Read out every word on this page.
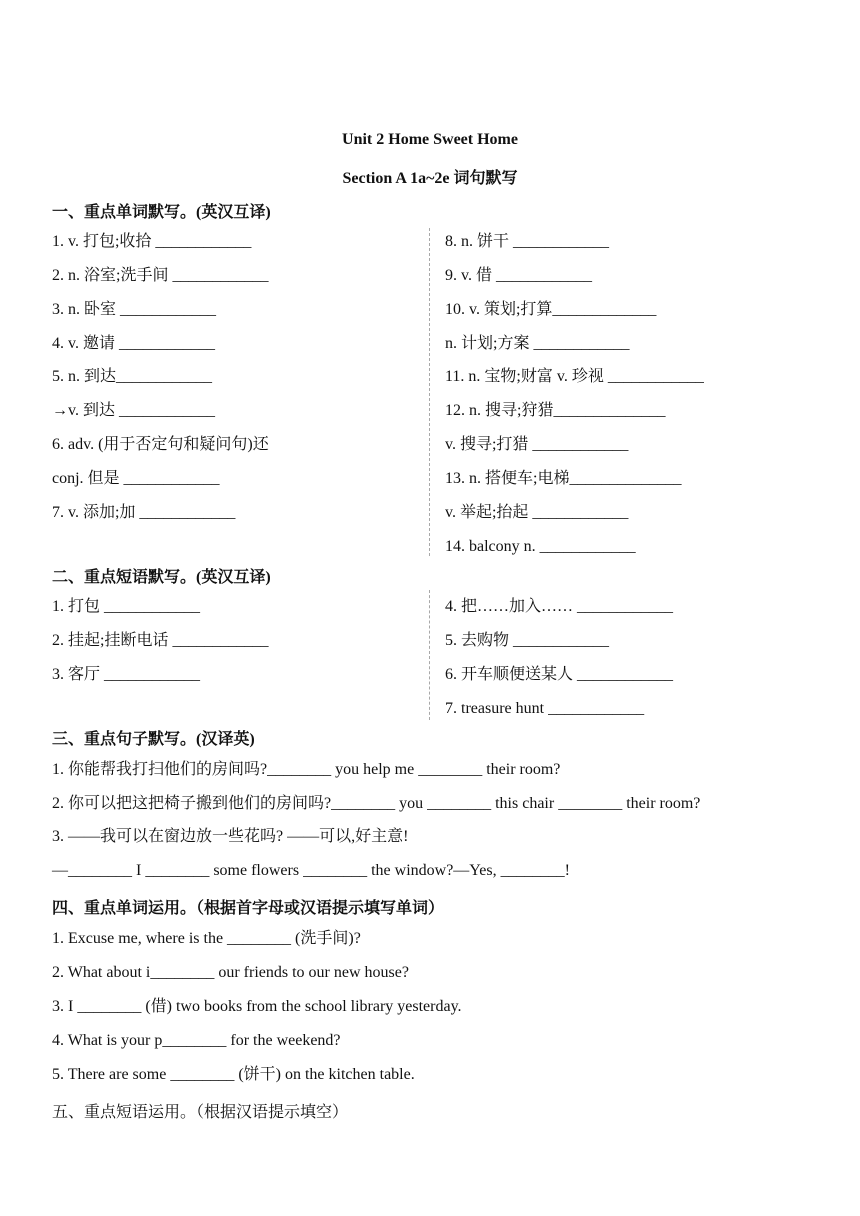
Unit 2 Home Sweet Home
Section A 1a~2e 词句默写
一、重点单词默写。(英汉互译)
1. v. 打包;收拾 ____________
2. n. 浴室;洗手间 ____________
3. n. 卧室 ____________
4. v. 邀请 ____________
5. n. 到达____________
→v. 到达 ____________
6. adv. (用于否定句和疑问句)还
conj. 但是 ____________
7. v. 添加;加 ____________
8. n. 饼干 ____________
9. v. 借 ____________
10. v. 策划;打算_____________
n. 计划;方案 ____________
11. n. 宝物;财富 v. 珍视 ____________
12. n. 搜寻;狩猎______________
v. 搜寻;打猎 ____________
13. n. 搭便车;电梯______________
v. 举起;抬起 ____________
14. balcony n. ____________
二、重点短语默写。(英汉互译)
1. 打包 ____________
2. 挂起;挂断电话 ____________
3. 客厅 ____________
4. 把……加入…… ____________
5. 去购物 ____________
6. 开车顺便送某人 ____________
7. treasure hunt ____________
三、重点句子默写。(汉译英)
1. 你能帮我打扫他们的房间吗?________ you help me ________ their room?
2. 你可以把这把椅子搬到他们的房间吗?________ you ________ this chair ________ their room?
3. ——我可以在窗边放一些花吗? ——可以,好主意!
—________ I ________ some flowers ________ the window?—Yes, ________!
四、重点单词运用。（根据首字母或汉语提示填写单词）
1. Excuse me, where is the ________ (洗手间)?
2. What about i________ our friends to our new house?
3. I ________ (借) two books from the school library yesterday.
4. What is your p________ for the weekend?
5. There are some ________ (饼干) on the kitchen table.
五、重点短语运用。（根据汉语提示填空）
